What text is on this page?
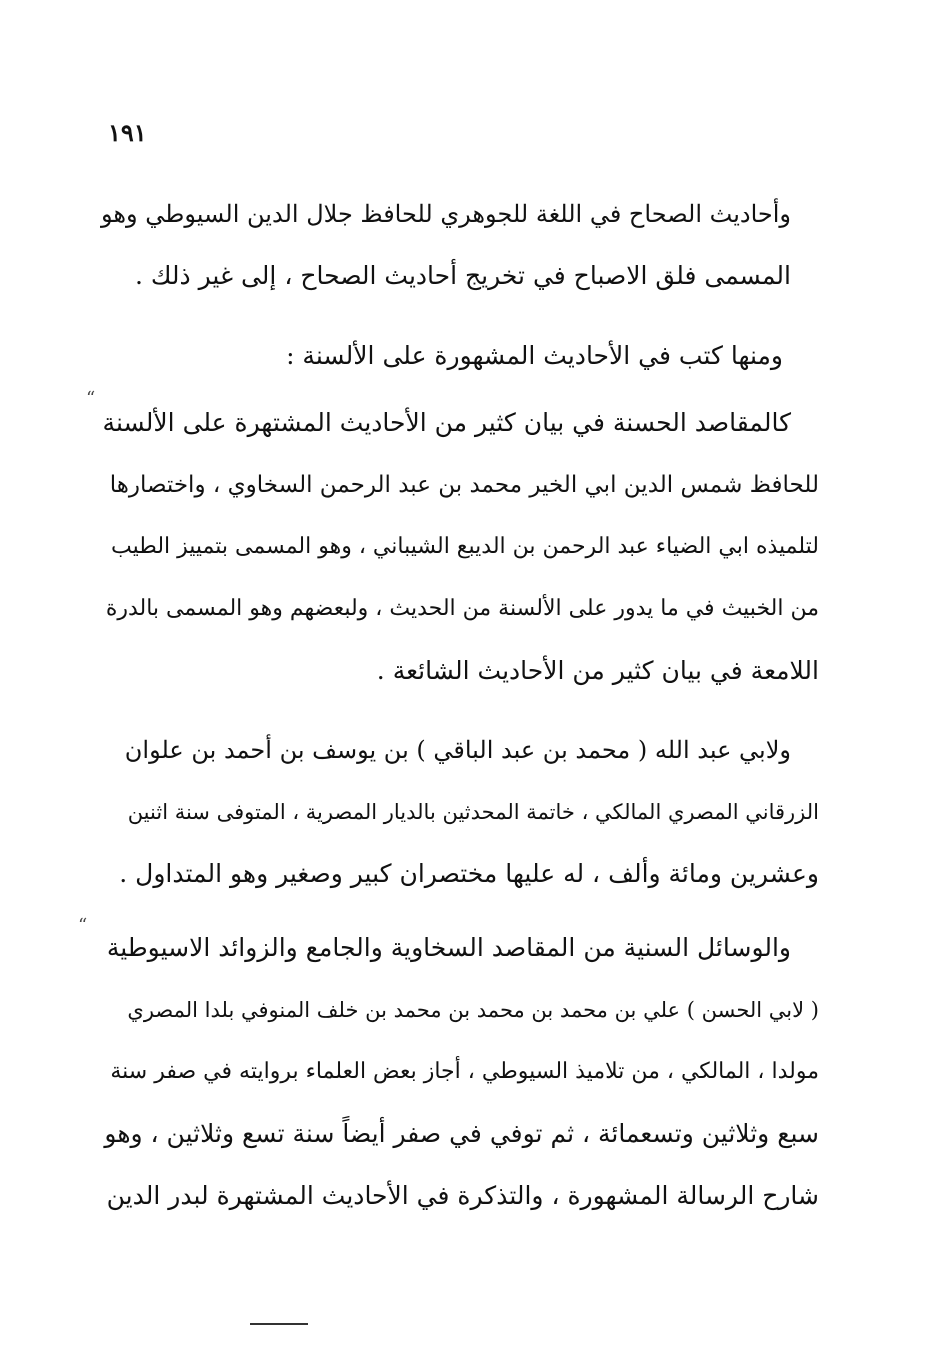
١٩١
وأحاديث الصحاح في اللغة للجوهري للحافظ جلال الدين السيوطي وهو
المسمى فلق الاصباح في تخريج أحاديث الصحاح ، إلى غير ذلك .
ومنها كتب في الأحاديث المشهورة على الألسنة :
كالمقاصد الحسنة في بيان كثير من الأحاديث المشتهرة على الألسنة
للحافظ شمس الدين ابي الخير محمد بن عبد الرحمن السخاوي ، واختصارها
لتلميذه ابي الضياء عبد الرحمن بن الديبع الشيباني ، وهو المسمى بتمييز الطيب
من الخبيث في ما يدور على الألسنة من الحديث ، ولبعضهم وهو المسمى بالدرة
اللامعة في بيان كثير من الأحاديث الشائعة .
ولابي عبد الله ( محمد بن عبد الباقي ) بن يوسف بن أحمد بن علوان
الزرقاني المصري المالكي ، خاتمة المحدثين بالديار المصرية ، المتوفى سنة اثنين
وعشرين ومائة وألف ، له عليها مختصران كبير وصغير وهو المتداول .
والوسائل السنية من المقاصد السخاوية والجامع والزوائد الاسيوطية
( لابي الحسن ) علي بن محمد بن محمد بن محمد بن خلف المنوفي بلدا المصري
مولدا ، المالكي ، من تلاميذ السيوطي ، أجاز بعض العلماء بروايته في صفر سنة
سبع وثلاثين وتسعمائة ، ثم توفي في صفر أيضاً سنة تسع وثلاثين ، وهو
شارح الرسالة المشهورة ، والتذكرة في الأحاديث المشتهرة لبدر الدين
“
“
